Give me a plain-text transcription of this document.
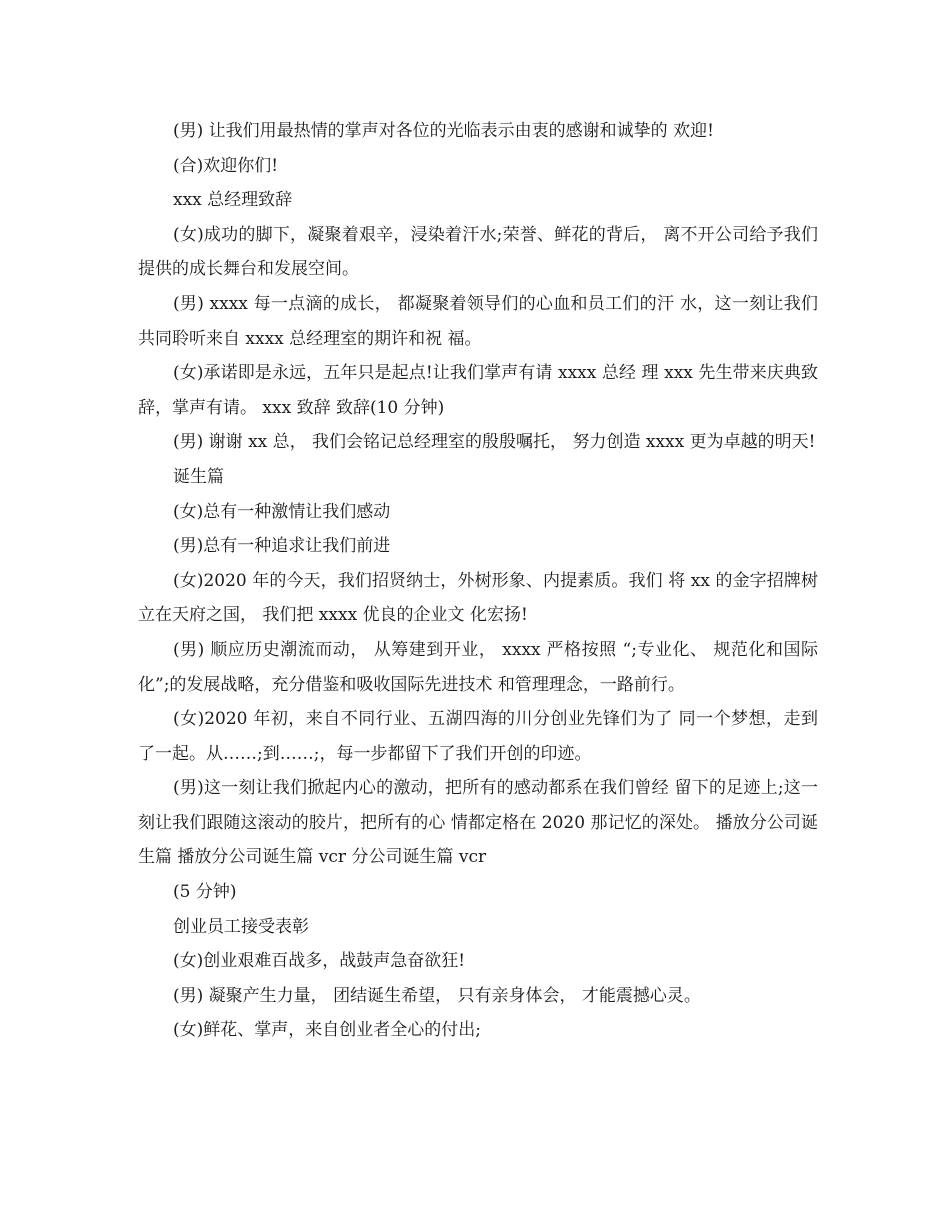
(男) 让我们用最热情的掌声对各位的光临表示由衷的感谢和诚挚的 欢迎!

(合)欢迎你们!

xxx 总经理致辞

(女)成功的脚下，凝聚着艰辛，浸染着汗水;荣誉、鲜花的背后， 离不开公司给予我们提供的成长舞台和发展空间。

(男) xxxx 每一点滴的成长， 都凝聚着领导们的心血和员工们的汗 水，这一刻让我们共同聆听来自 xxxx 总经理室的期许和祝 福。

(女)承诺即是永远，五年只是起点!让我们掌声有请 xxxx 总经 理 xxx 先生带来庆典致辞，掌声有请。 xxx 致辞 致辞(10 分钟)

(男) 谢谢 xx 总， 我们会铭记总经理室的殷殷嘱托， 努力创造 xxxx 更为卓越的明天!

诞生篇

(女)总有一种激情让我们感动

(男)总有一种追求让我们前进

(女)2020 年的今天，我们招贤纳士，外树形象、内提素质。我们 将 xx 的金字招牌树立在天府之国， 我们把 xxxx 优良的企业文 化宏扬!

(男) 顺应历史潮流而动， 从筹建到开业， xxxx 严格按照 “;专业化、 规范化和国际化”;的发展战略，充分借鉴和吸收国际先进技术 和管理理念，一路前行。

(女)2020 年初，来自不同行业、五湖四海的川分创业先锋们为了 同一个梦想，走到了一起。从……;到……;，每一步都留下了我们开创的印迹。

(男)这一刻让我们掀起内心的激动，把所有的感动都系在我们曾经 留下的足迹上;这一刻让我们跟随这滚动的胶片，把所有的心 情都定格在 2020 那记忆的深处。 播放分公司诞生篇 播放分公司诞生篇 vcr 分公司诞生篇 vcr

(5 分钟)

创业员工接受表彰

(女)创业艰难百战多，战鼓声急奋欲狂!

(男) 凝聚产生力量， 团结诞生希望， 只有亲身体会， 才能震撼心灵。

(女)鲜花、掌声，来自创业者全心的付出;
